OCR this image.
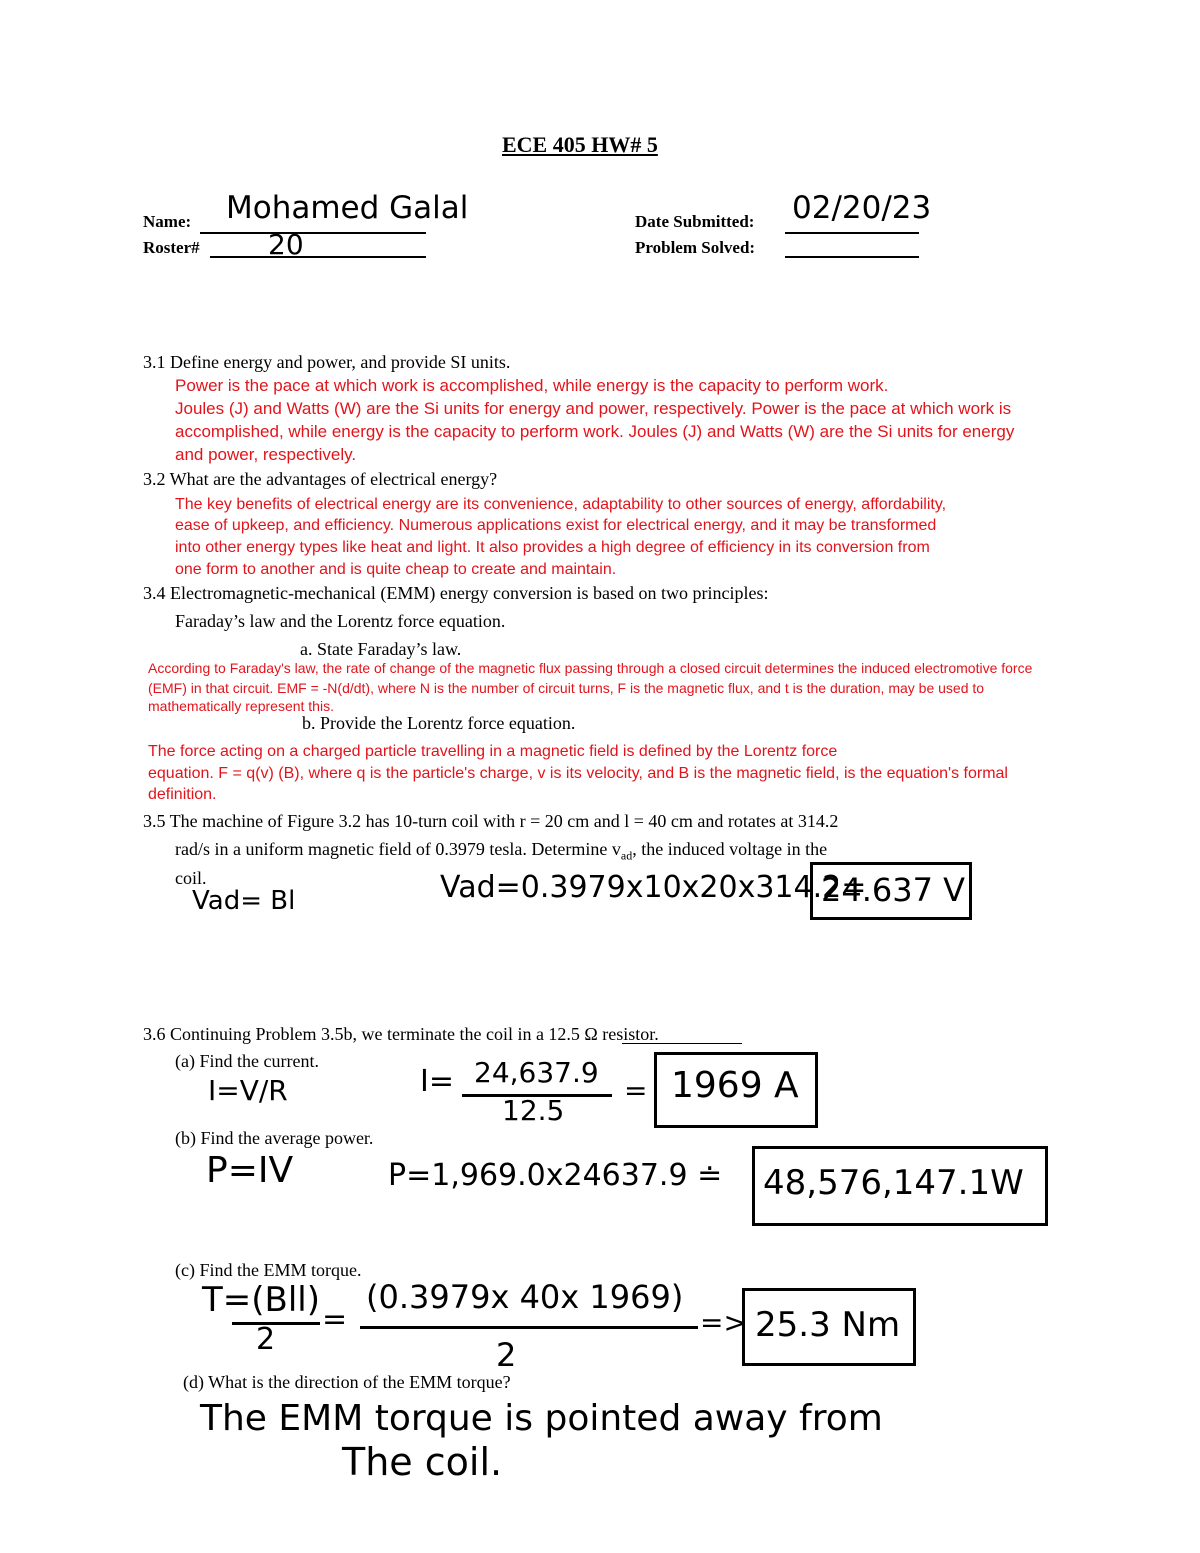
ECE 405 HW# 5
Name: Mohamed Galal
Roster# 20
Date Submitted: 02/20/23
Problem Solved:
3.1 Define energy and power, and provide SI units.
Power is the pace at which work is accomplished, while energy is the capacity to perform work.
Joules (J) and Watts (W) are the Si units for energy and power, respectively. Power is the pace at which work is
accomplished, while energy is the capacity to perform work. Joules (J) and Watts (W) are the Si units for energy
and power, respectively.
3.2 What are the advantages of electrical energy?
The key benefits of electrical energy are its convenience, adaptability to other sources of energy, affordability,
ease of upkeep, and efficiency. Numerous applications exist for electrical energy, and it may be transformed
into other energy types like heat and light. It also provides a high degree of efficiency in its conversion from
one form to another and is quite cheap to create and maintain.
3.4 Electromagnetic-mechanical (EMM) energy conversion is based on two principles:
Faraday’s law and the Lorentz force equation.
a. State Faraday’s law.
According to Faraday's law, the rate of change of the magnetic flux passing through a closed circuit determines the induced electromotive force
(EMF) in that circuit. EMF = -N(d/dt), where N is the number of circuit turns, F is the magnetic flux, and t is the duration, may be used to
mathematically represent this.
b. Provide the Lorentz force equation.
The force acting on a charged particle travelling in a magnetic field is defined by the Lorentz force
equation. F = q(v) (B), where q is the particle's charge, v is its velocity, and B is the magnetic field, is the equation's formal
definition.
3.5 The machine of Figure 3.2 has 10-turn coil with r = 20 cm and l = 40 cm and rotates at 314.2
rad/s in a uniform magnetic field of 0.3979 tesla. Determine $v_{ad}$, the induced voltage in the
coil.
Vad= Bl	Vad=0.3979x10x20x314.2=
24.637 V
3.6 Continuing Problem 3.5b, we terminate the coil in a 12.5 Ω resistor.
(a) Find the current.
I=V/R	I= 24,637.9
12.5
= 1969 A
(b) Find the average power.
P=IV	P=1,969.0x24637.9 ≐ 48,576,147.1W
(c) Find the EMM torque.
T=(Bll)
2
=
(0.3979x 40x 1969)
2
=> 25.3 Nm
(d) What is the direction of the EMM torque?
The EMM torque is pointed away from
The coil.
